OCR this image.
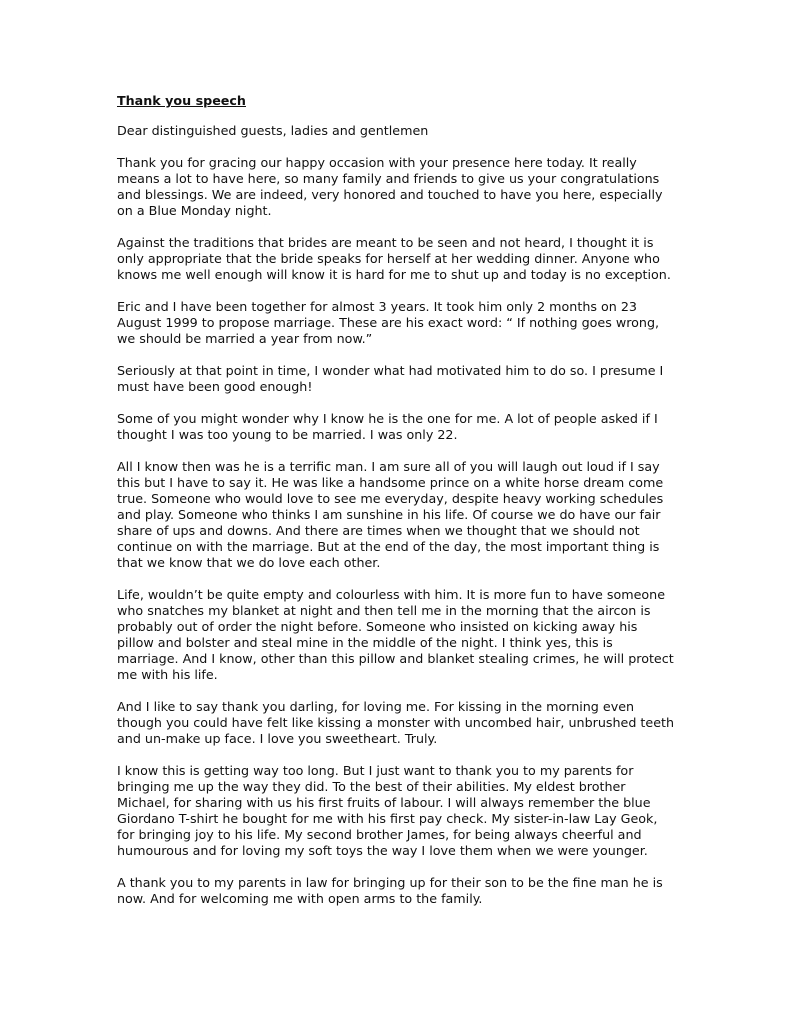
Thank you speech

Dear distinguished guests, ladies and gentlemen

Thank you for gracing our happy occasion with your presence here today. It really means a lot to have here, so many family and friends to give us your congratulations and blessings. We are indeed, very honored and touched to have you here, especially on a Blue Monday night.

Against the traditions that brides are meant to be seen and not heard, I thought it is only appropriate that the bride speaks for herself at her wedding dinner. Anyone who knows me well enough will know it is hard for me to shut up and today is no exception.

Eric and I have been together for almost 3 years. It took him only 2 months on 23 August 1999 to propose marriage. These are his exact word: “ If nothing goes wrong, we should be married a year from now.”

Seriously at that point in time, I wonder what had motivated him to do so. I presume I must have been good enough!

Some of you might wonder why I know he is the one for me. A lot of people asked if I thought I was too young to be married. I was only 22.

All I know then was he is a terrific man. I am sure all of you will laugh out loud if I say this but I have to say it. He was like a handsome prince on a white horse dream come true. Someone who would love to see me everyday, despite heavy working schedules and play. Someone who thinks I am sunshine in his life. Of course we do have our fair share of ups and downs. And there are times when we thought that we should not continue on with the marriage. But at the end of the day, the most important thing is that we know that we do love each other.

Life, wouldn’t be quite empty and colourless with him. It is more fun to have someone who snatches my blanket at night and then tell me in the morning that the aircon is probably out of order the night before. Someone who insisted on kicking away his pillow and bolster and steal mine in the middle of the night. I think yes, this is marriage. And I know, other than this pillow and blanket stealing crimes, he will protect me with his life.

And I like to say thank you darling, for loving me. For kissing in the morning even though you could have felt like kissing a monster with uncombed hair, unbrushed teeth and un-make up face. I love you sweetheart. Truly.

I know this is getting way too long. But I just want to thank you to my parents for bringing me up the way they did. To the best of their abilities. My eldest brother Michael, for sharing with us his first fruits of labour. I will always remember the blue Giordano T-shirt he bought for me with his first pay check. My sister-in-law Lay Geok, for bringing joy to his life. My second brother James, for being always cheerful and humourous and for loving my soft toys the way I love them when we were younger.

A thank you to my parents in law for bringing up for their son to be the fine man he is now. And for welcoming me with open arms to the family.
